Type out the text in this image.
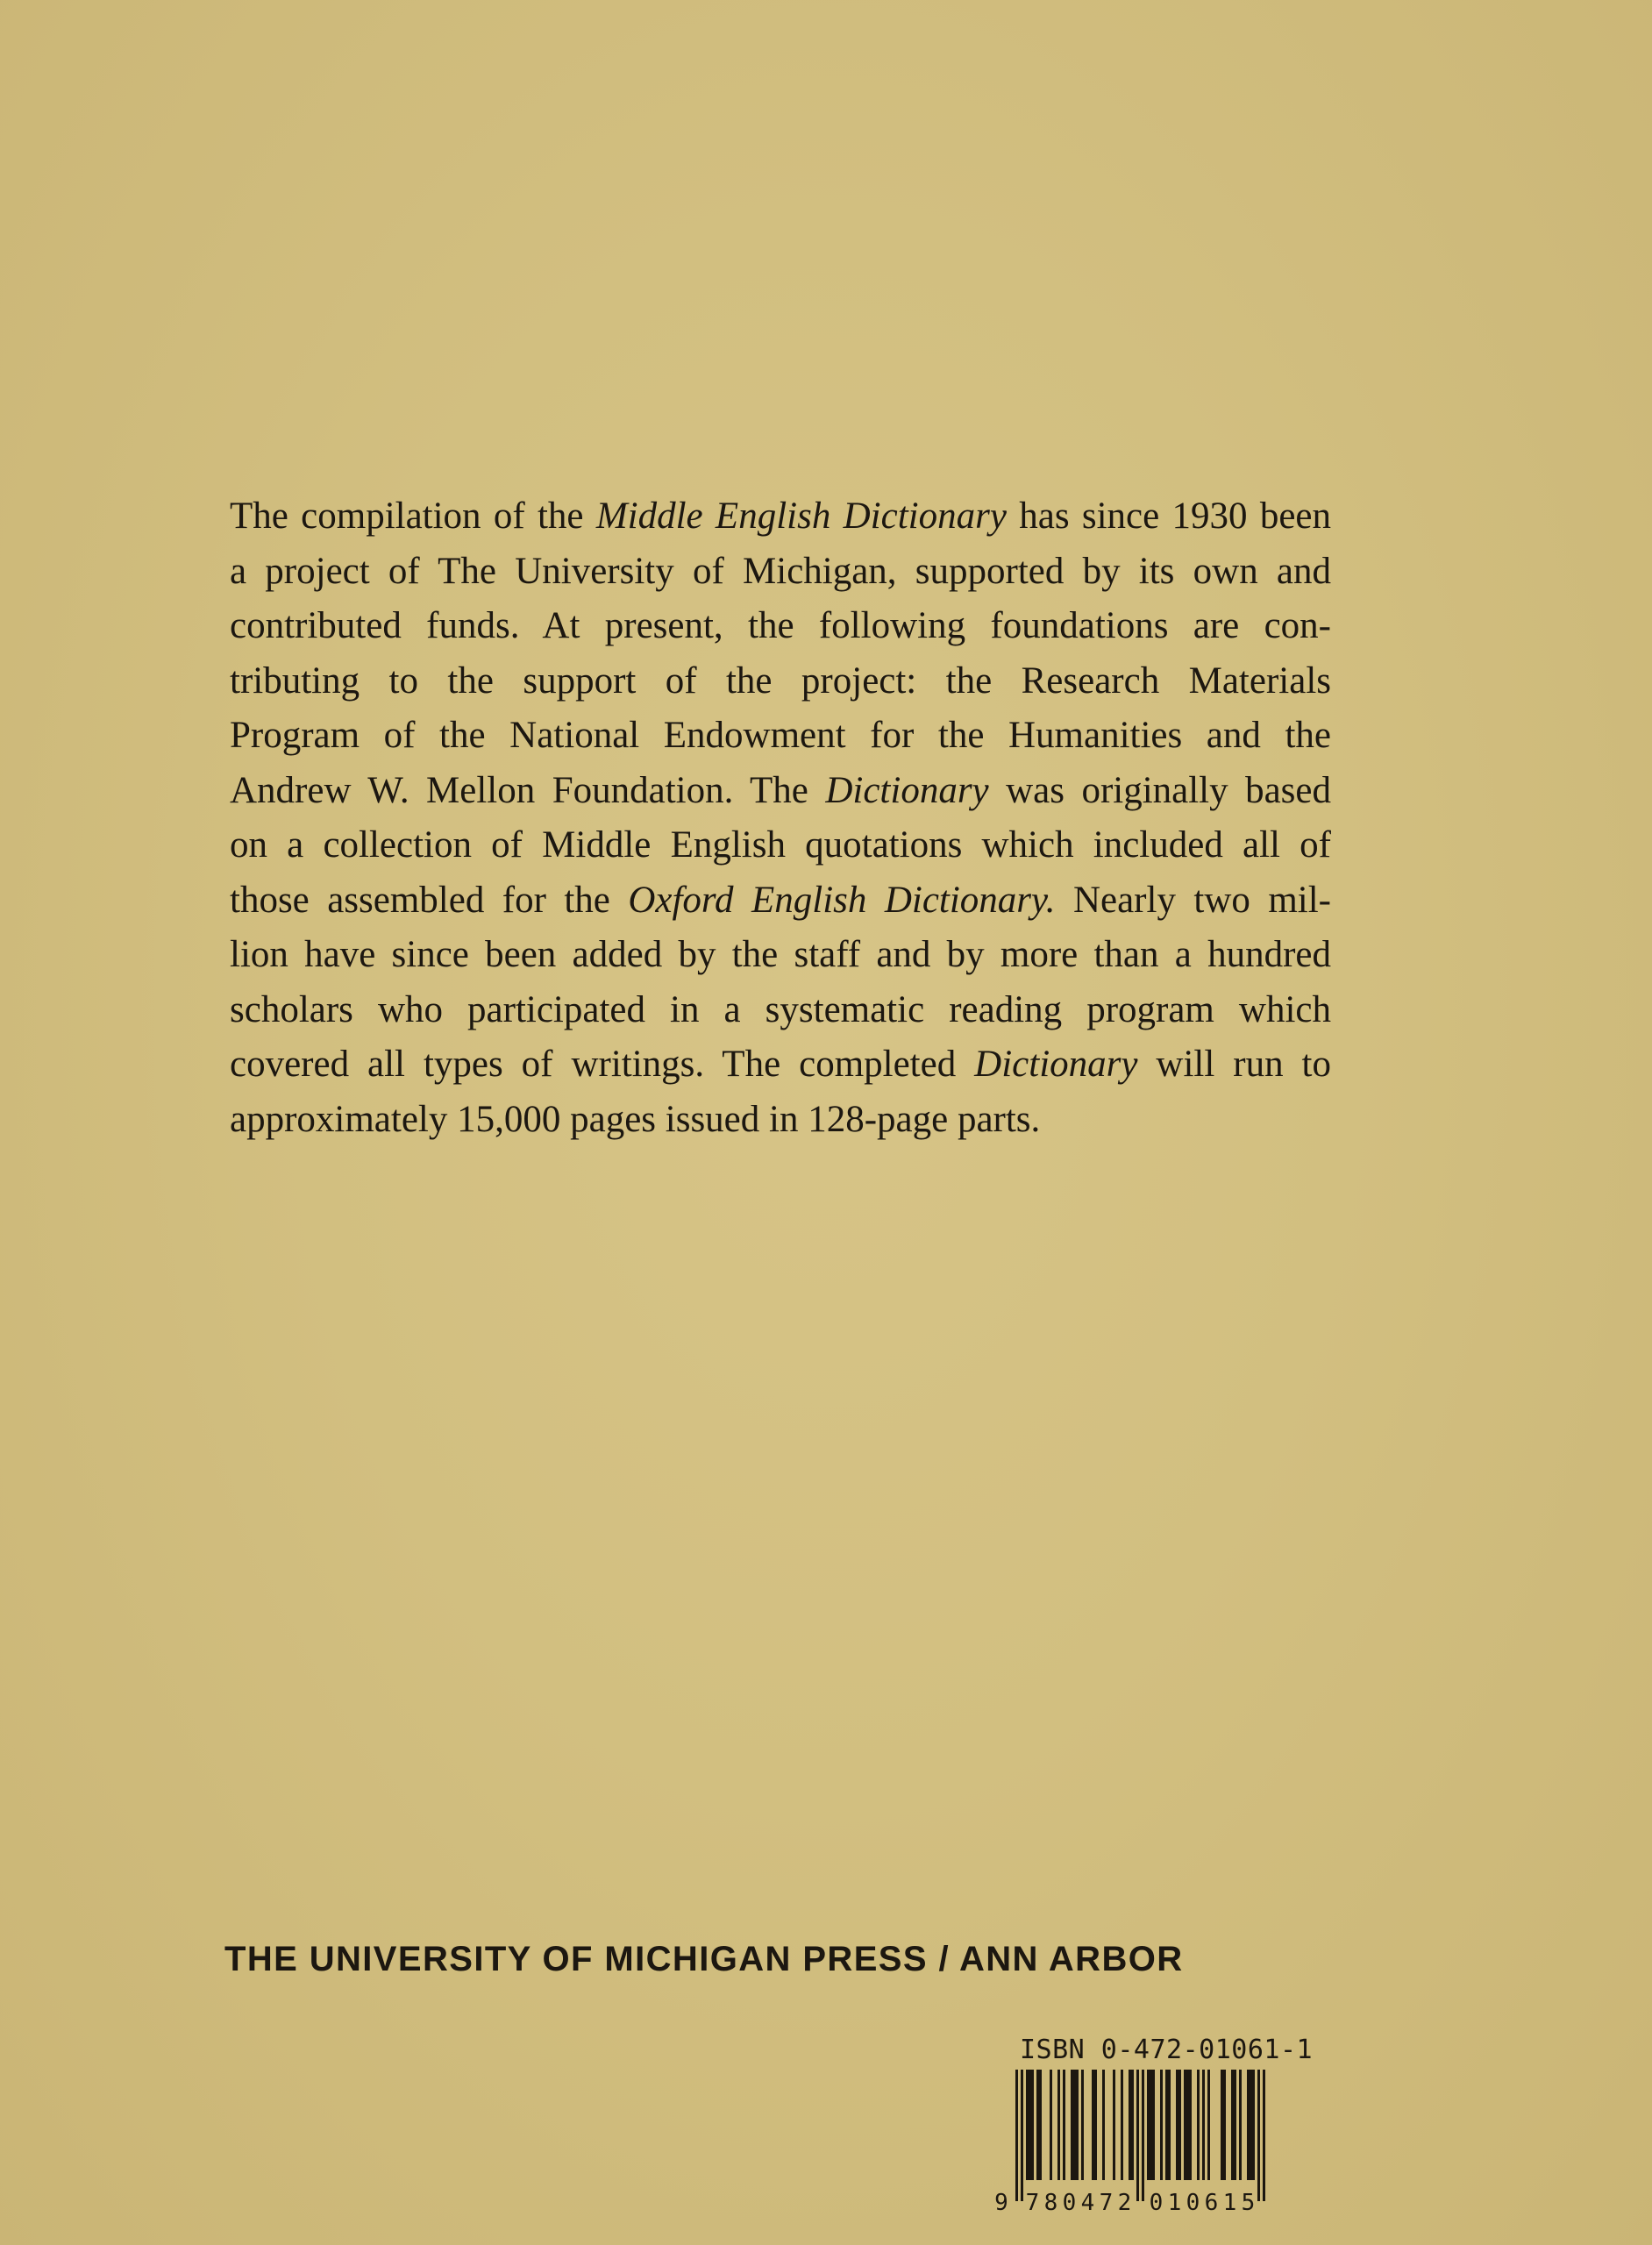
The compilation of the Middle English Dictionary has since 1930 been
a project of The University of Michigan, supported by its own and
contributed funds. At present, the following foundations are con-
tributing to the support of the project: the Research Materials
Program of the National Endowment for the Humanities and the
Andrew W. Mellon Foundation. The Dictionary was originally based
on a collection of Middle English quotations which included all of
those assembled for the Oxford English Dictionary. Nearly two mil-
lion have since been added by the staff and by more than a hundred
scholars who participated in a systematic reading program which
covered all types of writings. The completed Dictionary will run to
approximately 15,000 pages issued in 128-page parts.
THE UNIVERSITY OF MICHIGAN PRESS / ANN ARBOR
ISBN 0-472-01061-1
9 7 8 0 4 7 2 0 1 0 6 1 5
